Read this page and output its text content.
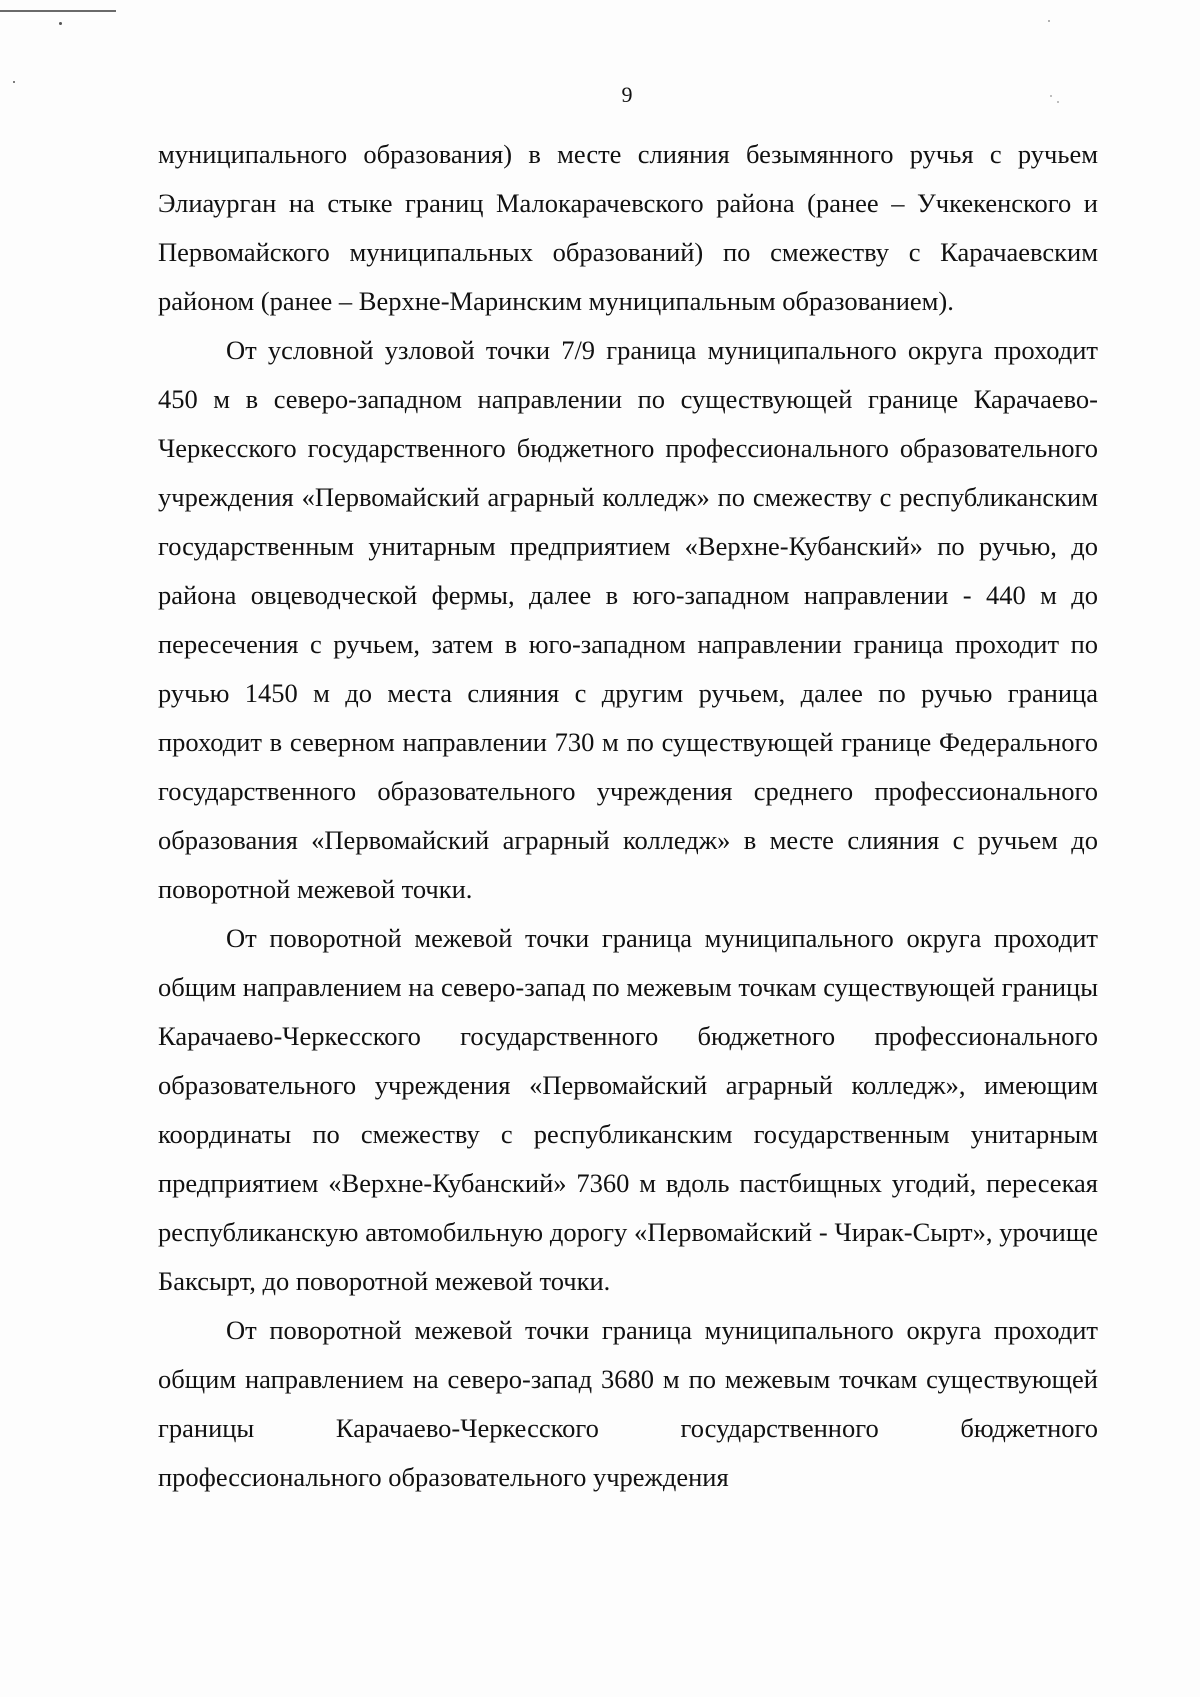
9

муниципального образования) в месте слияния безымянного ручья с ручьем Элиаурган на стыке границ Малокарачевского района (ранее – Учкекенского и Первомайского муниципальных образований) по смежеству с Карачаевским районом (ранее – Верхне-Маринским муниципальным образованием).

От условной узловой точки 7/9 граница муниципального округа проходит 450 м в северо-западном направлении по существующей границе Карачаево-Черкесского государственного бюджетного профессионального образовательного учреждения «Первомайский аграрный колледж» по смежеству с республиканским государственным унитарным предприятием «Верхне-Кубанский» по ручью, до района овцеводческой фермы, далее в юго-западном направлении - 440 м до пересечения с ручьем, затем в юго-западном направлении граница проходит по ручью 1450 м до места слияния с другим ручьем, далее по ручью граница проходит в северном направлении 730 м по существующей границе Федерального государственного образовательного учреждения среднего профессионального образования «Первомайский аграрный колледж» в месте слияния с ручьем до поворотной межевой точки.

От поворотной межевой точки граница муниципального округа проходит общим направлением на северо-запад по межевым точкам существующей границы Карачаево-Черкесского государственного бюджетного профессионального образовательного учреждения «Первомайский аграрный колледж», имеющим координаты по смежеству с республиканским государственным унитарным предприятием «Верхне-Кубанский» 7360 м вдоль пастбищных угодий, пересекая республиканскую автомобильную дорогу «Первомайский - Чирак-Сырт», урочище Баксырт, до поворотной межевой точки.

От поворотной межевой точки граница муниципального округа проходит общим направлением на северо-запад 3680 м по межевым точкам существующей границы Карачаево-Черкесского государственного бюджетного профессионального образовательного учреждения
